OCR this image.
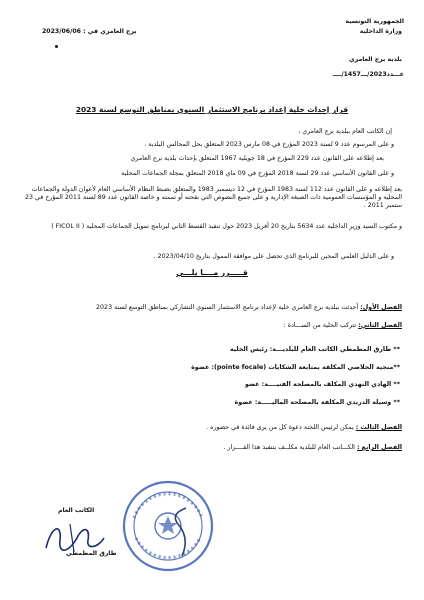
الجمهورية التونسية
وزارة الداخلية
بلدية برج العامري
عـــدد2023/ـــ1457/ــــ
برج العامري في : 2023/06/06
قرار إحداث خلية إعداد برنامج الاستثمار السنوي بمناطق التوسع لسنة 2023
إن الكاتب العام ببلدية برج العامري ،
و على المرسوم عدد 9 لسنة 2023 المؤرخ في 08 مارس 2023 المتعلق بحل المجالس البلدية .
بعد إطلاعه على القانون عدد 229 المؤرخ في 18 جويلية 1967 المتعلق بإحداث بلدية برج العامري
و على القانون الأساسي عدد 29 لسنة 2018 المؤرخ في 09 ماي 2018 المتعلق بمجلة الجماعات المحلية
بعد إطلاعه و على القانون عدد 112 لسنة 1983 المؤرخ في 12 ديسمبر 1983 والمتعلق بضبط النظام الأساسي العام لأعوان الدولة والجماعات المحلية و المؤسسات العمومية ذات الصبغة الإدارية و على جميع النصوص التي نقحته أو تممته و خاصة القانون عدد 89 لسنة 2011 المؤرخ في 23 ستمبر 2011 .
و مكتوب السيد وزير الداخلية عدد 5634 بتاريخ 20 أفريل 2023 حول تنفيذ القسط الثاني لبرنامج تمويل الجماعات المحلية ( FICOL II )
و على الدليل العلمي المحين للبرنامج الذي تحصل على موافقة الممول بتاريخ 2023/04/10 .
قـــــرر مــــا يلـــي
الفصل الأول: أحدثت ببلدية برج العامري خلية لإعداد برنامج الاستثمار السنوي التشاركي بمناطق التوسع لسنة 2023
الفصل الثاني: تتركب الخلية من الســـادة :
** طارق المطمطي الكاتب العام للبلديـــة: رئيس الخلية
**منجية الجلاصي المكلفة بمتابعة الشكايات (pointe focale): عضوة
** الهادي النهدي المكلف بالمصلحة الفنيــــة: عضو
** وسيلة الدريدي المكلفة بالمصلحة الماليـــــة: عضوة
الفصل الثالث : يمكن لرئيس اللجنة دعوة كل من يرى فائدة في حضوره .
الفصل الرابع : الكـــاتب العام للبلدية مكلــف بتنفيذ هذا القــــرار .
الكاتب العام
طارق المطمطي
